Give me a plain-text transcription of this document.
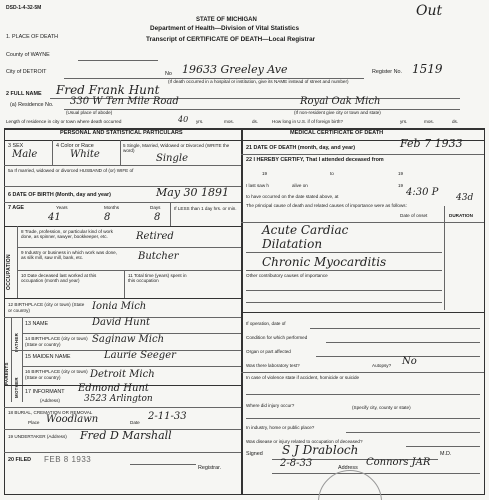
DSD-1-4-32-5M	Out
STATE OF MICHIGAN
Department of Health—Division of Vital Statistics
Transcript of CERTIFICATE OF DEATH—Local Registrar
1. PLACE OF DEATH
County of WAYNE
City of DETROIT	No 19633 Greeley Ave	Register No. 1519
(If death occurred in a hospital or institution, give its NAME instead of street and number)
2 FULL NAME Fred Frank Hunt
(a) Residence No. 330 W Ten Mile Road	Royal Oak Mich
(Usual place of abode)	(If non-resident give city or town and state)
Length of residence in city or town where death occurred	40 yrs.	mos.	ds.	How long in U.S. if of foreign birth?	yrs.	mos.	ds.
PERSONAL AND STATISTICAL PARTICULARS
3 SEX
Male
4 Color or Race
White
5 Single, Married, Widowed or Divorced (WRITE the word)
Single
5a If married, widowed or divorced HUSBAND of (or) WIFE of
6 DATE OF BIRTH (Month, day and year)	May 30 1891
7 AGE	Years	Months	Days
41	8	8
If LESS than 1 day hrs. or min.
OCCUPATION
8 Trade, profession, or particular kind of work done, as spinner, sawyer, bookkeeper, etc.	Retired
9 Industry or business in which work was done, as silk mill, saw mill, bank, etc.	Butcher
10 Date deceased last worked at this occupation (month and year)
11 Total time (years) spent in this occupation
12 BIRTHPLACE (city or town) (State or country)	Ionia Mich
PARENTS
FATHER
MOTHER
13 NAME	David Hunt
14 BIRTHPLACE (city or town) (State or country)	Saginaw Mich
15 MAIDEN NAME	Laurie Seeger
16 BIRTHPLACE (city or town) (State or country)	Detroit Mich
17 INFORMANT Edmond Hunt
(Address)	3523 Arlington
18 BURIAL, CREMATION OR REMOVAL
Place Woodlawn	Date
2-11-33
19 UNDERTAKER (Address) Fred D Marshall
20 FILED FEB 8 1933
Registrar.
MEDICAL CERTIFICATE OF DEATH
21 DATE OF DEATH (month, day, and year)	Feb 7 1933
22 I HEREBY CERTIFY, That I attended deceased from
19	to	19
I last saw h	alive on	19
to have occurred on the date stated above, at	4:30 P
The principal cause of death and related causes of importance were as follows:
Date of onset	DURATION
43d
Acute Cardiac
Dilatation
Chronic Myocarditis
Other contributory causes of importance
If operation, date of
Condition for which performed
Organ or part affected
Was there laboratory test?	Autopsy? No
In case of violence state if accident, homicide or suicide
Where did injury occur?	(Specify city, county or state)
In industry, home or public place?
Was disease or injury related to occupation of deceased?
Signed S J Drabloch	M.D.
2-8-33	Address Connors JAR
